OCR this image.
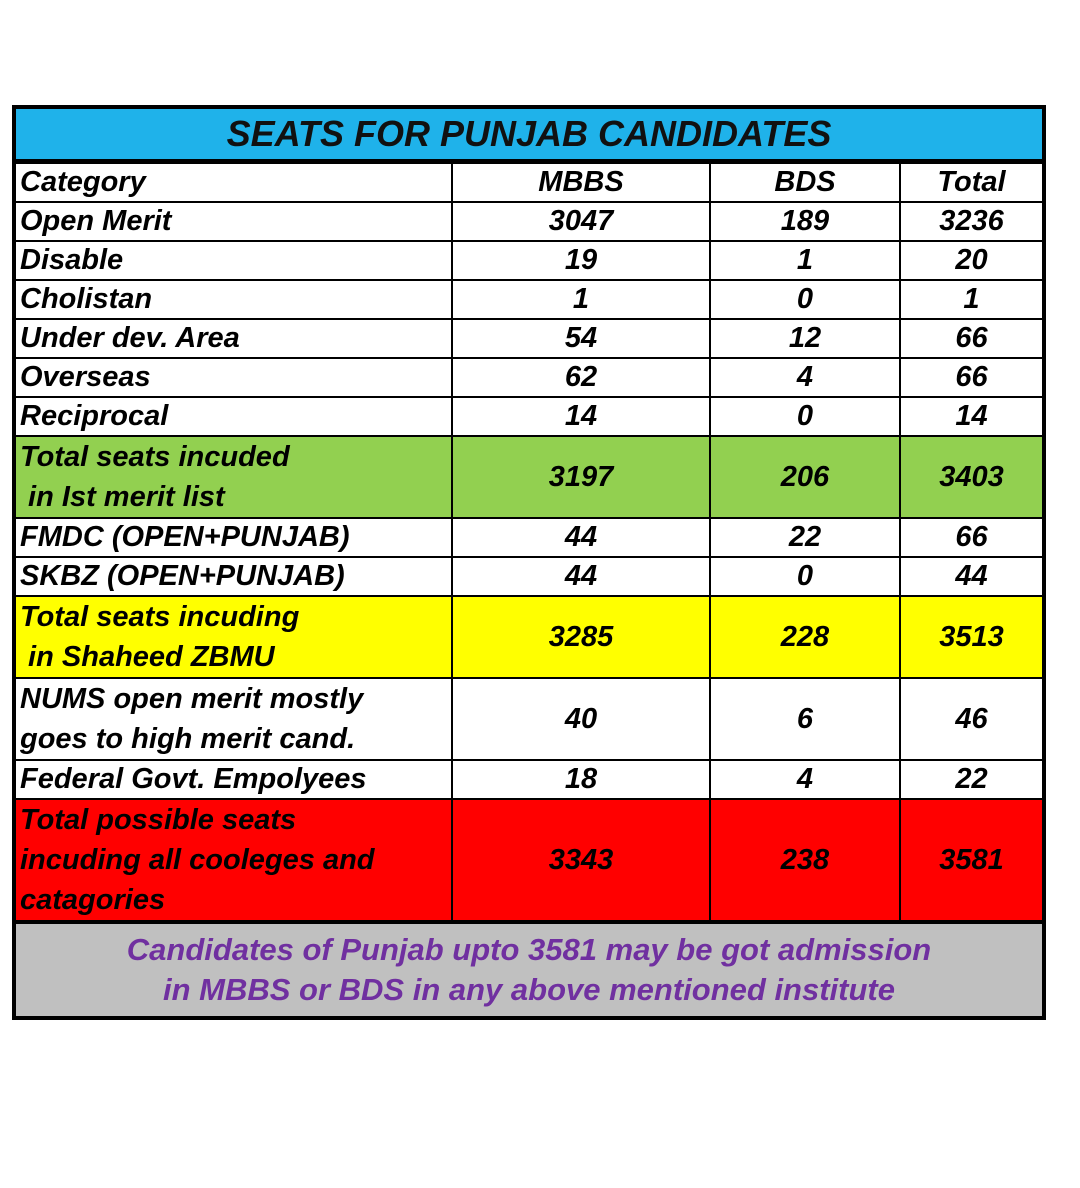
SEATS FOR PUNJAB CANDIDATES
Category	MBBS	BDS	Total
Open Merit	3047	189	3236
Disable	19	1	20
Cholistan	1	0	1
Under dev. Area	54	12	66
Overseas	62	4	66
Reciprocal	14	0	14

Total seats incuded
in Ist merit list	3197	206	3403
FMDC (OPEN+PUNJAB)	44	22	66
SKBZ (OPEN+PUNJAB)	44	0	44

Total seats incuding
in Shaheed ZBMU	3285	228	3513

NUMS open merit mostly
goes to high merit cand.	40	6	46
Federal Govt. Empolyees	18	4	22

Total possible seats
incuding all cooleges and
catagories	3343	238	3581
Candidates of Punjab upto 3581 may be got admission
in MBBS or BDS in any above mentioned institute
